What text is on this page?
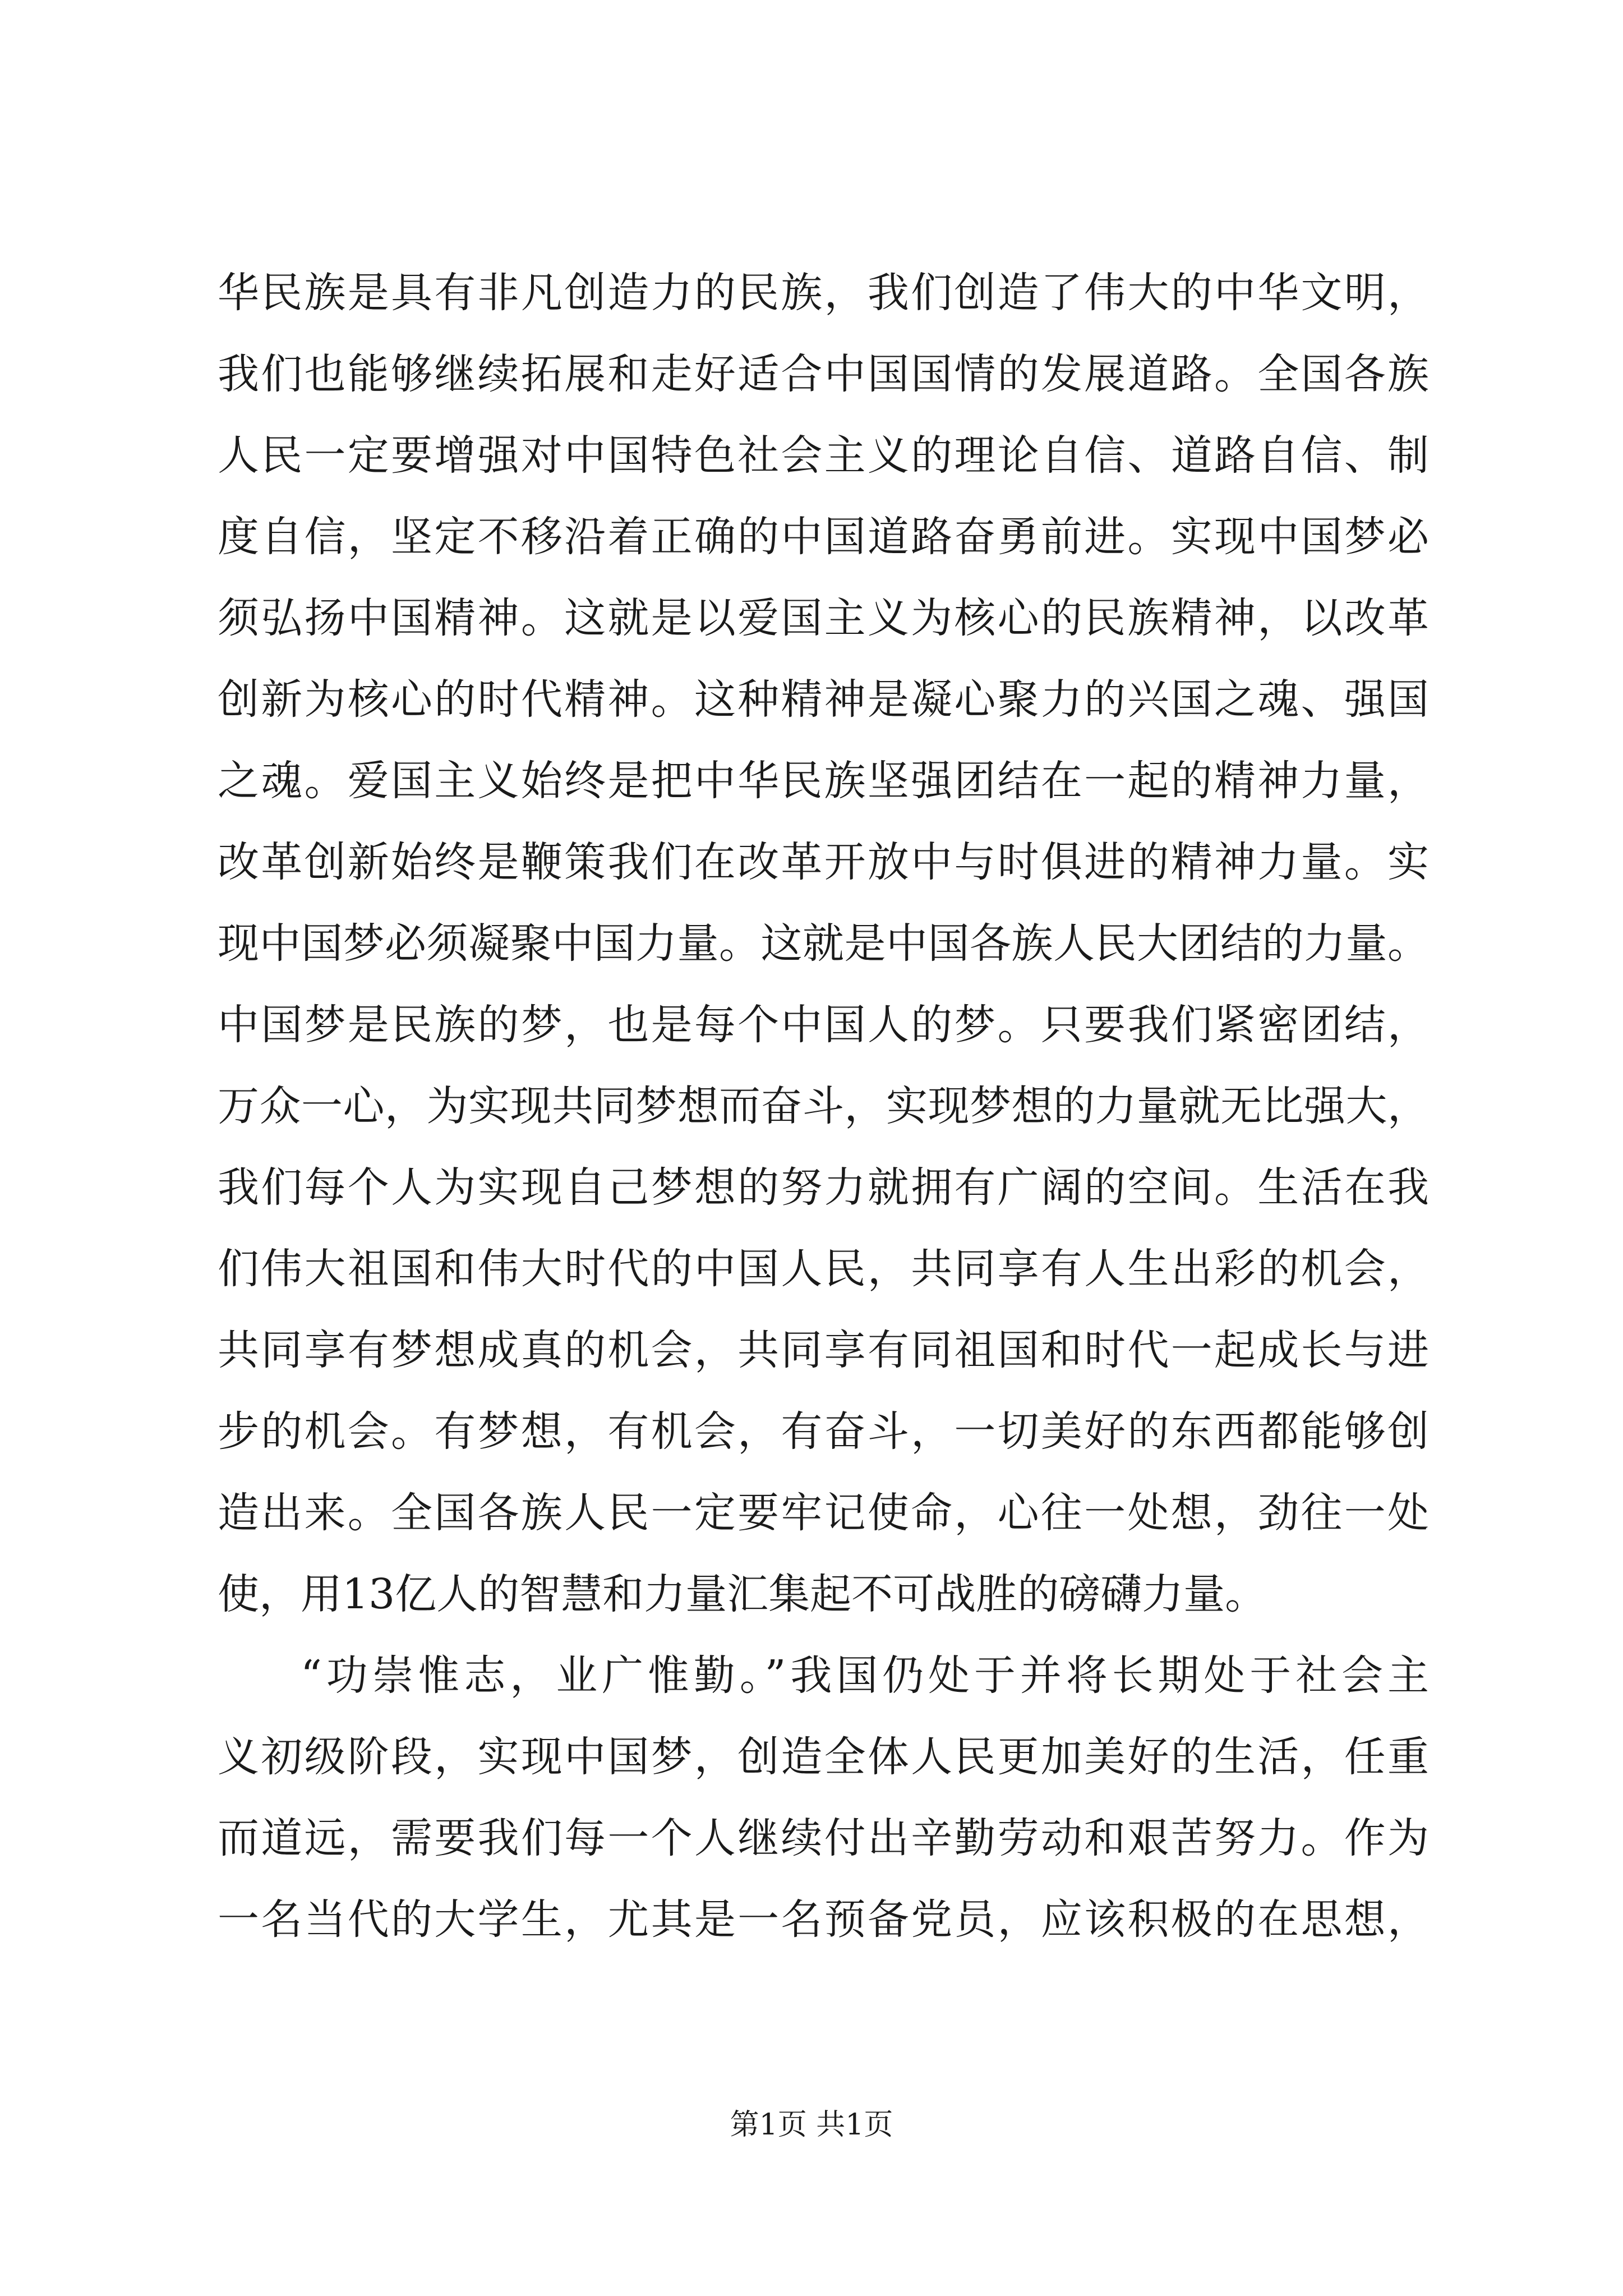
华民族是具有非凡创造力的民族，我们创造了伟大的中华文明，
我们也能够继续拓展和走好适合中国国情的发展道路。全国各族
人民一定要增强对中国特色社会主义的理论自信、道路自信、制
度自信，坚定不移沿着正确的中国道路奋勇前进。实现中国梦必
须弘扬中国精神。这就是以爱国主义为核心的民族精神，以改革
创新为核心的时代精神。这种精神是凝心聚力的兴国之魂、强国
之魂。爱国主义始终是把中华民族坚强团结在一起的精神力量，
改革创新始终是鞭策我们在改革开放中与时俱进的精神力量。实
现中国梦必须凝聚中国力量。这就是中国各族人民大团结的力量。
中国梦是民族的梦，也是每个中国人的梦。只要我们紧密团结，
万众一心，为实现共同梦想而奋斗，实现梦想的力量就无比强大，
我们每个人为实现自己梦想的努力就拥有广阔的空间。生活在我
们伟大祖国和伟大时代的中国人民，共同享有人生出彩的机会，
共同享有梦想成真的机会，共同享有同祖国和时代一起成长与进
步的机会。有梦想，有机会，有奋斗，一切美好的东西都能够创
造出来。全国各族人民一定要牢记使命，心往一处想，劲往一处
使，用13亿人的智慧和力量汇集起不可战胜的磅礴力量。
“功崇惟志，业广惟勤。”我国仍处于并将长期处于社会主
义初级阶段，实现中国梦，创造全体人民更加美好的生活，任重
而道远，需要我们每一个人继续付出辛勤劳动和艰苦努力。作为
一名当代的大学生，尤其是一名预备党员，应该积极的在思想，
第1页 共1页
